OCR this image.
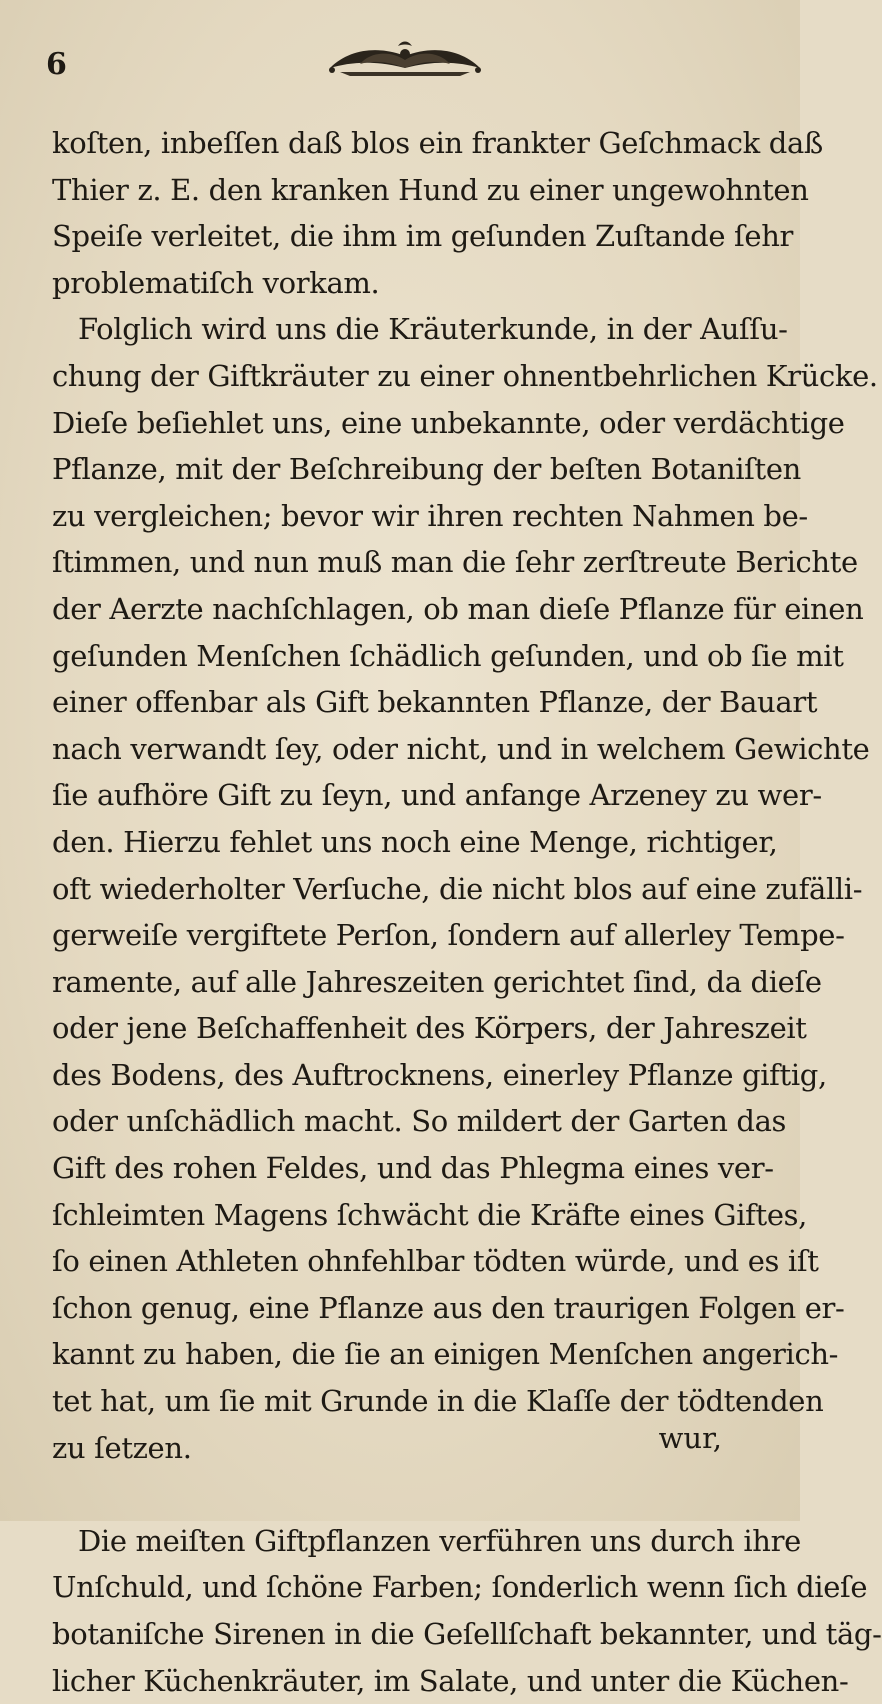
6
koſten, inbeſſen daß blos ein frankter Geſchmack daß
Thier z. E. den kranken Hund zu einer ungewohnten
Speiſe verleitet, die ihm im geſunden Zuſtande ſehr
problematiſch vorkam.
Folglich wird uns die Kräuterkunde, in der Auſſu-
chung der Giftkräuter zu einer ohnentbehrlichen Krücke.
Dieſe beſiehlet uns, eine unbekannte, oder verdächtige
Pflanze, mit der Beſchreibung der beſten Botaniſten
zu vergleichen; bevor wir ihren rechten Nahmen be-
ſtimmen, und nun muß man die ſehr zerſtreute Berichte
der Aerzte nachſchlagen, ob man dieſe Pflanze für einen
geſunden Menſchen ſchädlich geſunden, und ob ſie mit
einer offenbar als Gift bekannten Pflanze, der Bauart
nach verwandt ſey, oder nicht, und in welchem Gewichte
ſie aufhöre Gift zu ſeyn, und anfange Arzeney zu wer-
den. Hierzu fehlet uns noch eine Menge, richtiger,
oft wiederholter Verſuche, die nicht blos auf eine zufälli-
gerweiſe vergiftete Perſon, ſondern auf allerley Tempe-
ramente, auf alle Jahreszeiten gerichtet ſind, da dieſe
oder jene Beſchaffenheit des Körpers, der Jahreszeit
des Bodens, des Auftrocknens, einerley Pflanze giftig,
oder unſchädlich macht. So mildert der Garten das
Gift des rohen Feldes, und das Phlegma eines ver-
ſchleimten Magens ſchwächt die Kräfte eines Giftes,
ſo einen Athleten ohnfehlbar tödten würde, und es iſt
ſchon genug, eine Pflanze aus den traurigen Folgen er-
kannt zu haben, die ſie an einigen Menſchen angerich-
tet hat, um ſie mit Grunde in die Klaſſe der tödtenden
zu ſetzen.
Die meiſten Giftpflanzen verführen uns durch ihre
Unſchuld, und ſchöne Farben; ſonderlich wenn ſich dieſe
botaniſche Sirenen in die Geſellſchaft bekannter, und täg-
licher Küchenkräuter, im Salate, und unter die Küchen-
wur,
